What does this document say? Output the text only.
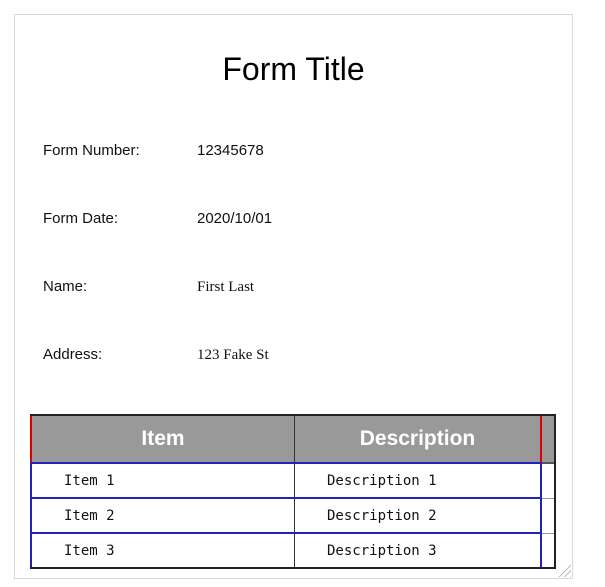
Form Title
Form Number:	12345678
Form Date:	2020/10/01
Name:	First Last
Address:	123 Fake St
Item	Description	
Item 1	Description 1	
Item 2	Description 2	
Item 3	Description 3	
